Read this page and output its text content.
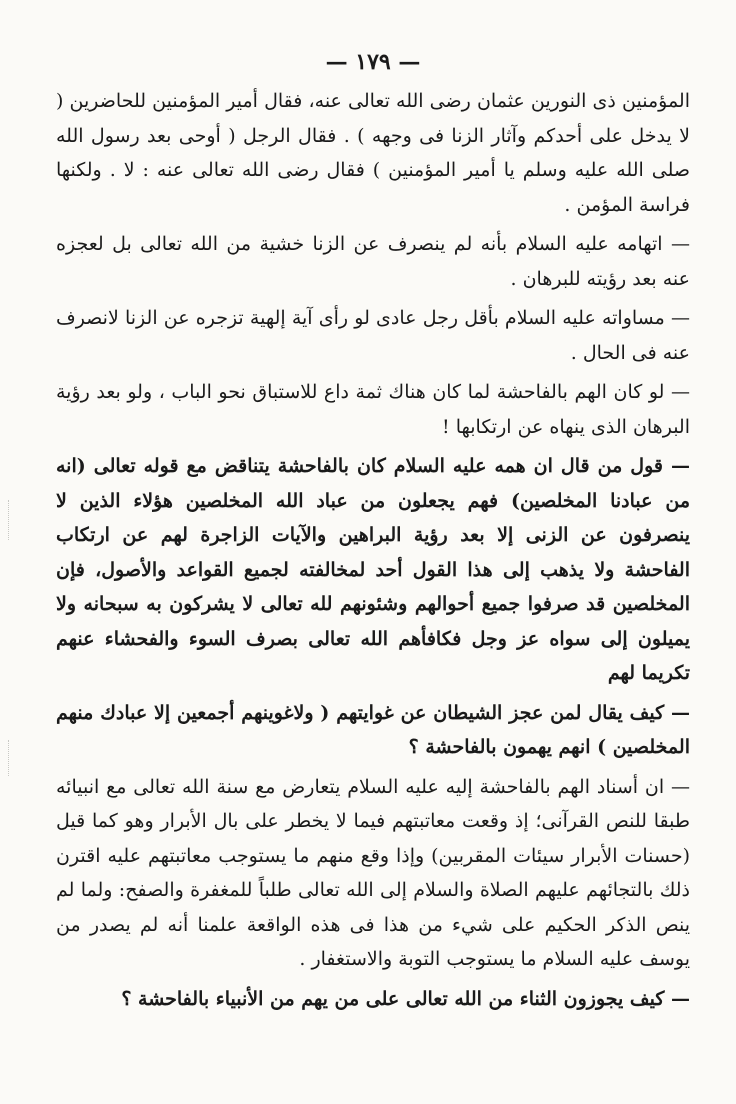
— ١٧٩ —

المؤمنين ذى النورين عثمان رضى الله تعالى عنه، فقال أمير المؤمنين للحاضرين ( لا يدخل على أحدكم وآثار الزنا فى وجهه ) . فقال الرجل ( أوحى بعد رسول الله صلى الله عليه وسلم يا أمير المؤمنين ) فقال رضى الله تعالى عنه : لا . ولكنها فراسة المؤمن .

— اتهامه عليه السلام بأنه لم ينصرف عن الزنا خشية من الله تعالى بل لعجزه عنه بعد رؤيته للبرهان .

— مساواته عليه السلام بأقل رجل عادى لو رأى آية إلهية تزجره عن الزنا لانصرف عنه فى الحال .

— لو كان الهم بالفاحشة لما كان هناك ثمة داع للاستباق نحو الباب ، ولو بعد رؤية البرهان الذى ينهاه عن ارتكابها !

— قول من قال ان همه عليه السلام كان بالفاحشة يتناقض مع قوله تعالى (انه من عبادنا المخلصين) فهم يجعلون من عباد الله المخلصين هؤلاء الذين لا ينصرفون عن الزنى إلا بعد رؤية البراهين والآيات الزاجرة لهم عن ارتكاب الفاحشة ولا يذهب إلى هذا القول أحد لمخالفته لجميع القواعد والأصول، فإن المخلصين قد صرفوا جميع أحوالهم وشئونهم لله تعالى لا يشركون به سبحانه ولا يميلون إلى سواه عز وجل فكافأهم الله تعالى بصرف السوء والفحشاء عنهم تكريما لهم

— كيف يقال لمن عجز الشيطان عن غوايتهم ( ولاغوينهم أجمعين إلا عبادك منهم المخلصين ) انهم يهمون بالفاحشة ؟

— ان أسناد الهم بالفاحشة إليه عليه السلام يتعارض مع سنة الله تعالى مع انبيائه طبقا للنص القرآنى؛ إذ وقعت معاتبتهم فيما لا يخطر على بال الأبرار وهو كما قيل (حسنات الأبرار سيئات المقربين) وإذا وقع منهم ما يستوجب معاتبتهم عليه اقترن ذلك بالتجائهم عليهم الصلاة والسلام إلى الله تعالى طلباً للمغفرة والصفح: ولما لم ينص الذكر الحكيم على شيء من هذا فى هذه الواقعة علمنا أنه لم يصدر من يوسف عليه السلام ما يستوجب التوبة والاستغفار .

— كيف يجوزون الثناء من الله تعالى على من يهم من الأنبياء بالفاحشة ؟
